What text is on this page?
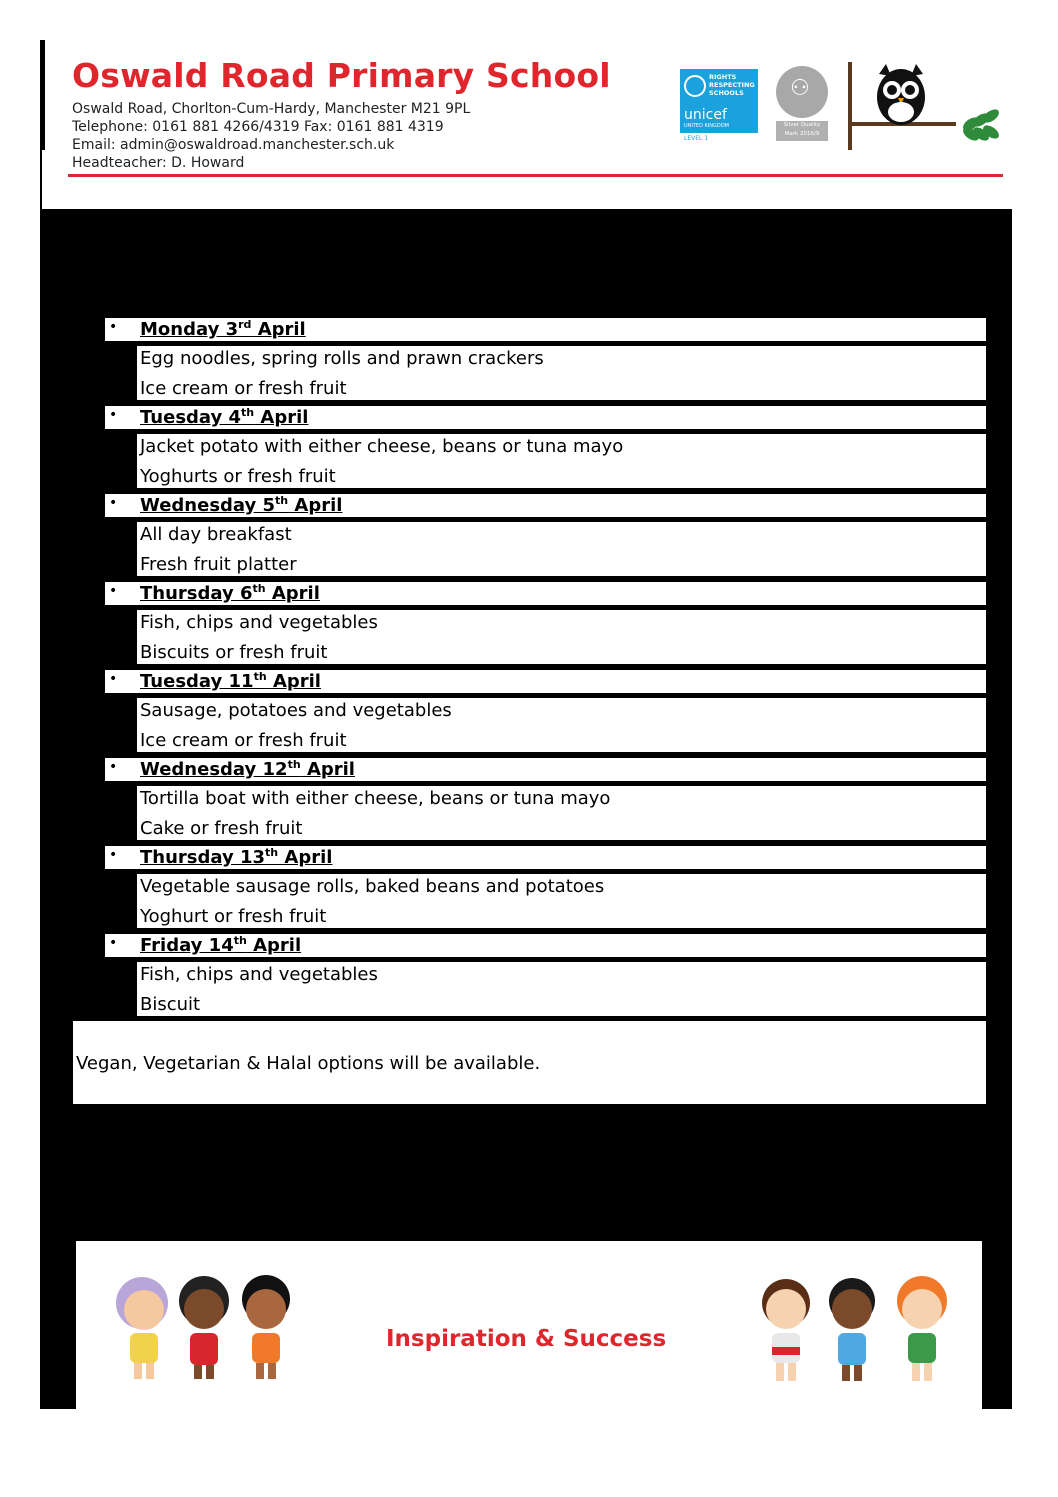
Oswald Road Primary School
Oswald Road, Chorlton-Cum-Hardy, Manchester M21 9PL
Telephone: 0161 881 4266/4319 Fax: 0161 881 4319
Email: admin@oswaldroad.manchester.sch.uk
Headteacher: D. Howard
RIGHTS RESPECTING SCHOOLS
unicef
UNITED KINGDOM
LEVEL 1
⚇
Silver Quality Mark 2016/9
• Monday 3rd April
Egg noodles, spring rolls and prawn crackers
Ice cream or fresh fruit
• Tuesday 4th April
Jacket potato with either cheese, beans or tuna mayo
Yoghurts or fresh fruit
• Wednesday 5th April
All day breakfast
Fresh fruit platter
• Thursday 6th April
Fish, chips and vegetables
Biscuits or fresh fruit
• Tuesday 11th April
Sausage, potatoes and vegetables
Ice cream or fresh fruit
• Wednesday 12th April
Tortilla boat with either cheese, beans or tuna mayo
Cake or fresh fruit
• Thursday 13th April
Vegetable sausage rolls, baked beans and potatoes
Yoghurt or fresh fruit
• Friday 14th April
Fish, chips and vegetables
Biscuit
Vegan, Vegetarian & Halal options will be available.
Inspiration & Success
